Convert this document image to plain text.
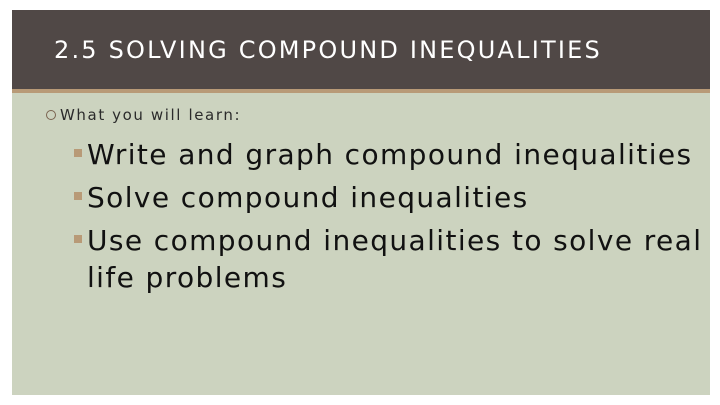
2.5 SOLVING COMPOUND INEQUALITIES
What you will learn:
Write and graph compound inequalities
Solve compound inequalities
Use compound inequalities to solve real life problems
